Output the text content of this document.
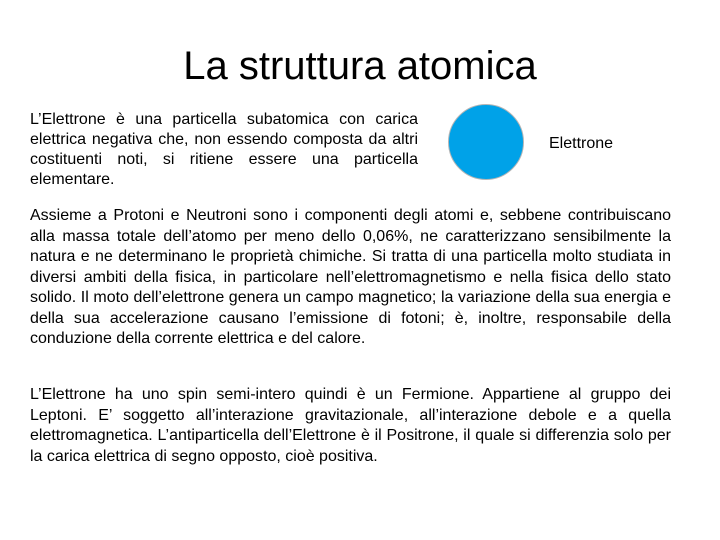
La struttura atomica

L’Elettrone è una particella subatomica con carica elettrica negativa che, non essendo composta da altri costituenti noti, si ritiene essere una particella elementare.

Elettrone

Assieme a Protoni e Neutroni sono i componenti degli atomi e, sebbene contribuiscano alla massa totale dell’atomo per meno dello 0,06%, ne caratterizzano sensibilmente la natura e ne determinano le proprietà chimiche. Si tratta di una particella molto studiata in diversi ambiti della fisica, in particolare nell’elettromagnetismo e nella fisica dello stato solido. Il moto dell’elettrone genera un campo magnetico; la variazione della sua energia e della sua accelerazione causano l’emissione di fotoni; è, inoltre, responsabile della conduzione della corrente elettrica e del calore.

L’Elettrone ha uno spin semi-intero quindi è un Fermione. Appartiene al gruppo dei Leptoni. E’ soggetto all’interazione gravitazionale, all’interazione debole e a quella elettromagnetica. L’antiparticella dell’Elettrone è il Positrone, il quale si differenzia solo per la carica elettrica di segno opposto, cioè positiva.
